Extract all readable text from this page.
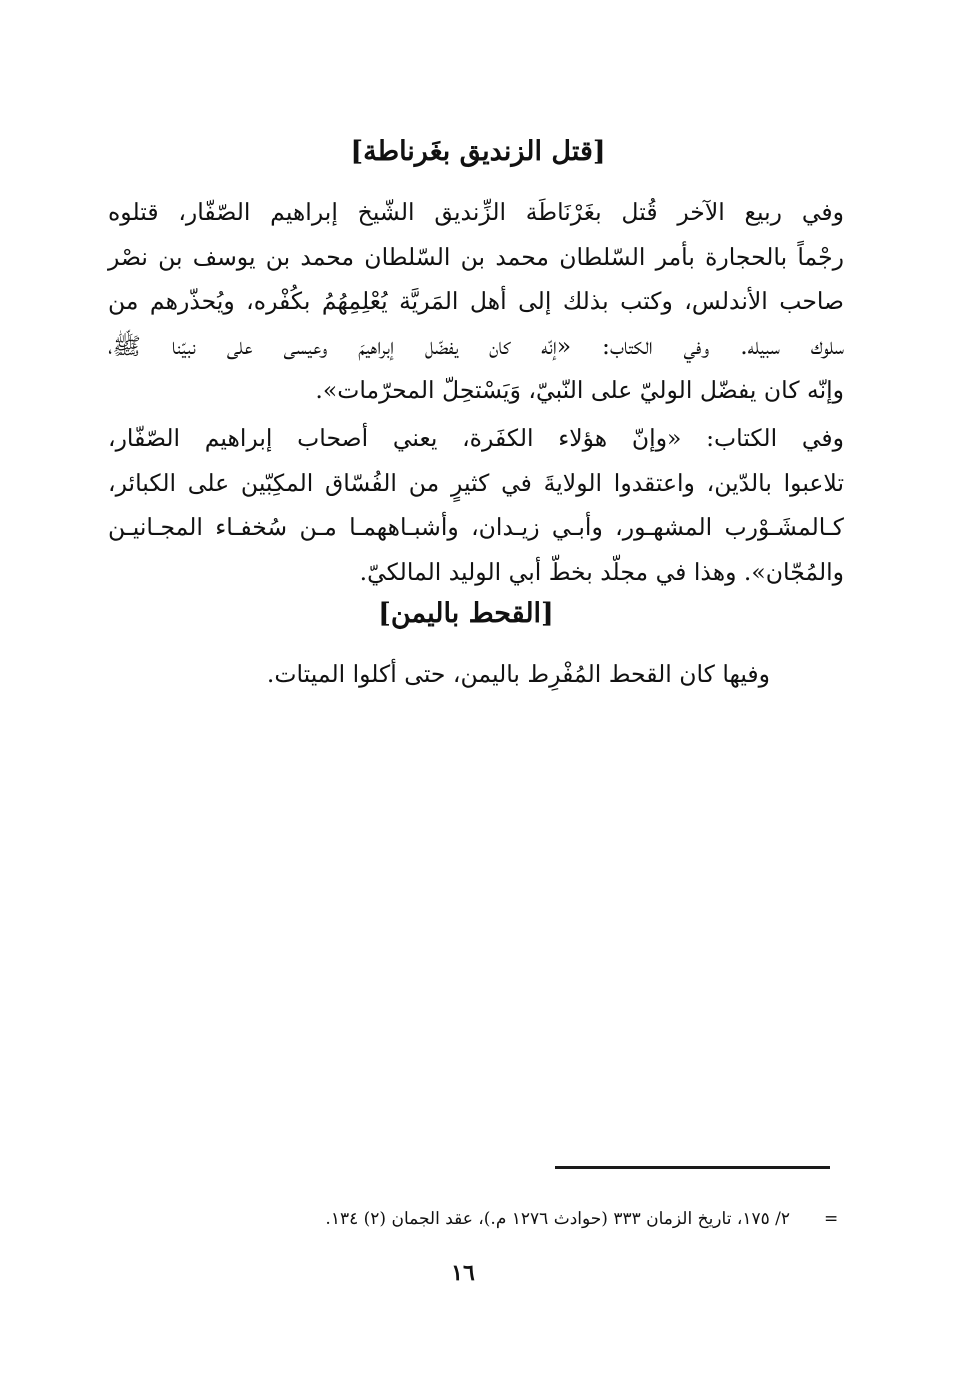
[قتل الزنديق بغَرناطة]
وفي ربيع الآخر قُتل بغَرْنَاطَة الزِّنديق الشّيخ إبراهيم الصّفّار، قتلوه
رجْماً بالحجارة بأمر السّلطان محمد بن السّلطان محمد بن يوسف بن نصْر
صاحب الأندلس، وكتب بذلك إلى أهل المَريَّة يُعْلِمِهُمُ بكُفْره، ويُحذّرهم من
سلوك سبيله. وفي الكتاب: «إنّه كان يفضّل إبراهيمَ وعيسى على نبيّنا ﷺ،
وإنّه كان يفضّل الوليّ على النّبيّ، وَيَسْتحِلّ المحرّمات».
وفي الكتاب: «وإنّ هؤلاء الكفَرة، يعني أصحاب إبراهيم الصّفّار،
تلاعبوا بالدّين، واعتقدوا الولايةَ في كثيرٍ من الفُسّاق المكِبّين على الكبائر،
كـالمشَـوْرب المشهـور، وأبـي زيـدان، وأشبـاههمـا مـن سُخفـاء المجـانيـن
والمُجّان». وهذا في مجلّد بخطّ أبي الوليد المالكيّ.
[القحط باليمن]
وفيها كان القحط المُفْرِط باليمن، حتى أكلوا الميتات.
=
٢/ ١٧٥، تاريخ الزمان ٣٣٣ (حوادث ١٢٧٦ م.)، عقد الجمان (٢) ١٣٤.
١٦
